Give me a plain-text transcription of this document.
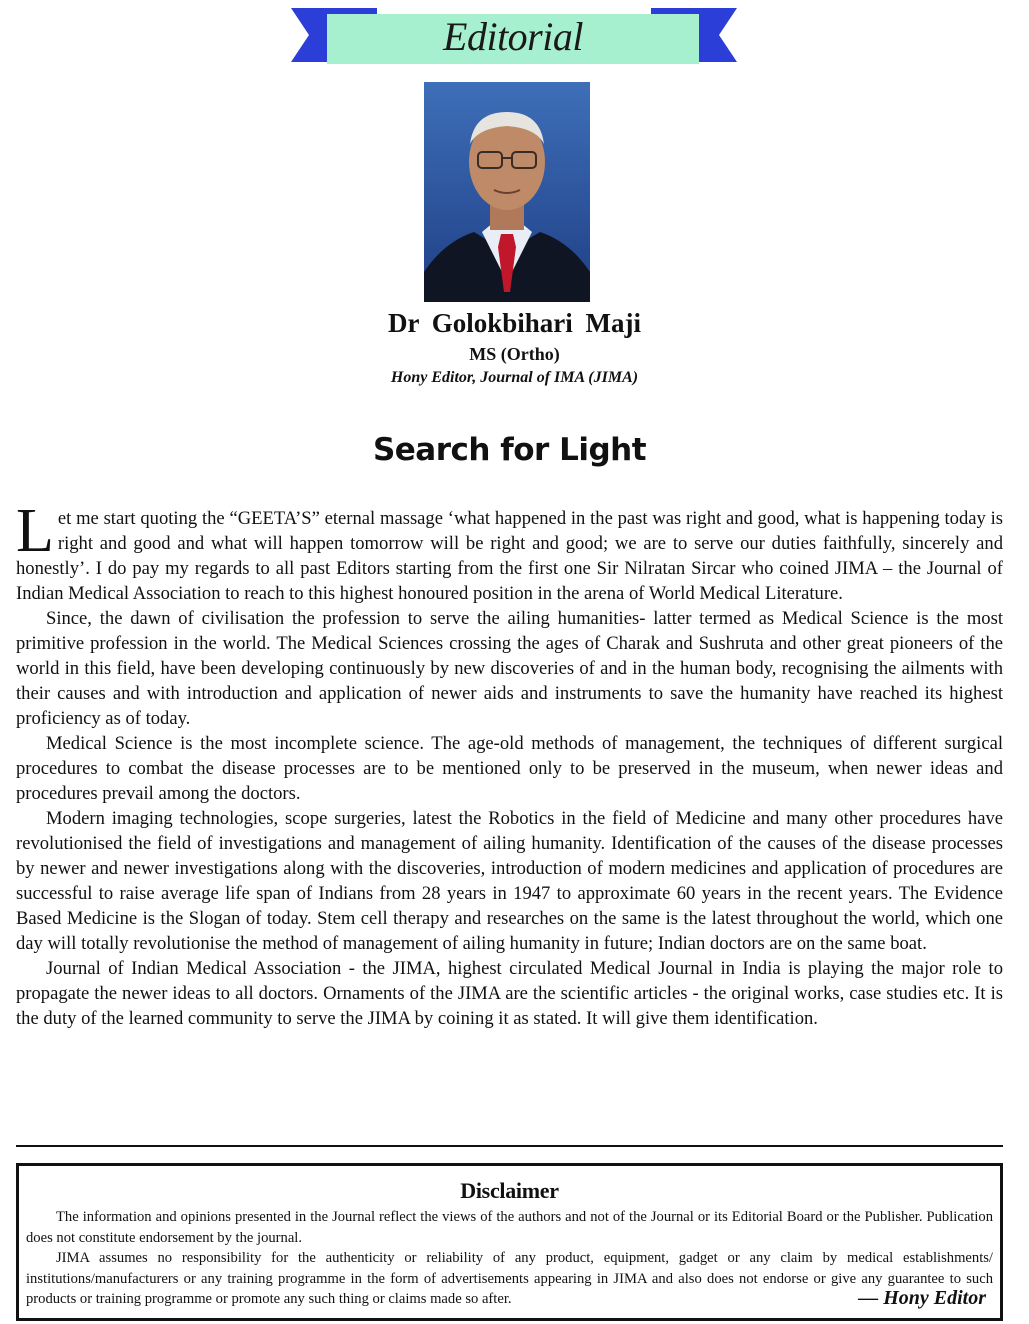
Editorial
Dr Golokbihari Maji
MS (Ortho)
Hony Editor, Journal of IMA (JIMA)
Search for Light

Let me start quoting the “GEETA’S” eternal massage ‘what happened in the past was right and good, what is happening today is right and good and what will happen tomorrow will be right and good; we are to serve our duties faithfully, sincerely and honestly’. I do pay my regards to all past Editors starting from the first one Sir Nilratan Sircar who coined JIMA – the Journal of Indian Medical Association to reach to this highest honoured position in the arena of World Medical Literature.

Since, the dawn of civilisation the profession to serve the ailing humanities- latter termed as Medical Science is the most primitive profession in the world. The Medical Sciences crossing the ages of Charak and Sushruta and other great pioneers of the world in this field, have been developing continuously by new discoveries of and in the human body, recognising the ailments with their causes and with introduction and application of newer aids and instruments to save the humanity have reached its highest proficiency as of today.

Medical Science is the most incomplete science. The age-old methods of management, the techniques of different surgical procedures to combat the disease processes are to be mentioned only to be preserved in the museum, when newer ideas and procedures prevail among the doctors.

Modern imaging technologies, scope surgeries, latest the Robotics in the field of Medicine and many other procedures have revolutionised the field of investigations and management of ailing humanity. Identification of the causes of the disease processes by newer and newer investigations along with the discoveries, introduction of modern medicines and application of procedures are successful to raise average life span of Indians from 28 years in 1947 to approximate 60 years in the recent years. The Evidence Based Medicine is the Slogan of today. Stem cell therapy and researches on the same is the latest throughout the world, which one day will totally revolutionise the method of management of ailing humanity in future; Indian doctors are on the same boat.

Journal of Indian Medical Association - the JIMA, highest circulated Medical Journal in India is playing the major role to propagate the newer ideas to all doctors. Ornaments of the JIMA are the scientific articles - the original works, case studies etc. It is the duty of the learned community to serve the JIMA by coining it as stated. It will give them identification.

Disclaimer

The information and opinions presented in the Journal reflect the views of the authors and not of the Journal or its Editorial Board or the Publisher. Publication does not constitute endorsement by the journal.

JIMA assumes no responsibility for the authenticity or reliability of any product, equipment, gadget or any claim by medical establishments/ institutions/manufacturers or any training programme in the form of advertisements appearing in JIMA and also does not endorse or give any guarantee to such products or training programme or promote any such thing or claims made so after.	— Hony Editor
